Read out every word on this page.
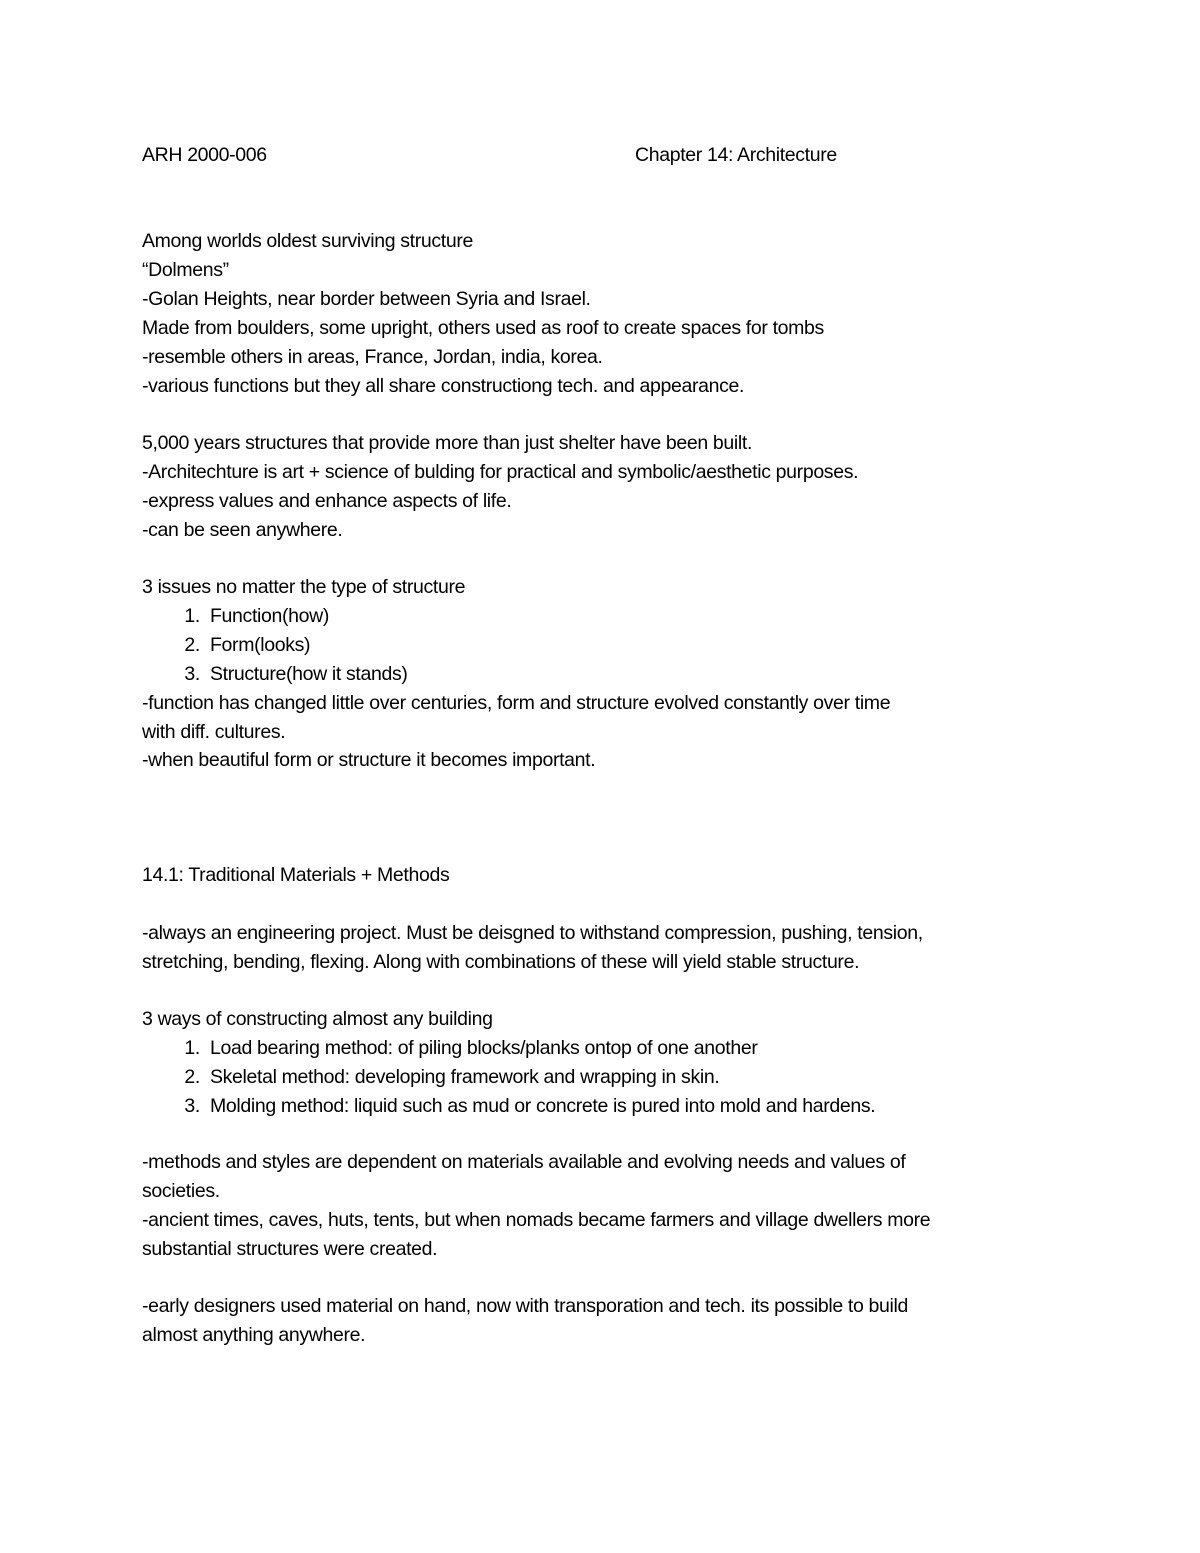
ARH 2000-006	Chapter 14: Architecture
Among worlds oldest surviving structure
“Dolmens”
-Golan Heights, near border between Syria and Israel.
Made from boulders, some upright, others used as roof to create spaces for tombs
-resemble others in areas, France, Jordan, india, korea.
-various functions but they all share constructiong tech. and appearance.
5,000 years structures that provide more than just shelter have been built.
-Architechture is art + science of bulding for practical and symbolic/aesthetic purposes.
-express values and enhance aspects of life.
-can be seen anywhere.
3 issues no matter the type of structure
1. Function(how)
2. Form(looks)
3. Structure(how it stands)
-function has changed little over centuries, form and structure evolved constantly over time
with diff. cultures.
-when beautiful form or structure it becomes important.
14.1: Traditional Materials + Methods
-always an engineering project. Must be deisgned to withstand compression, pushing, tension,
stretching, bending, flexing. Along with combinations of these will yield stable structure.
3 ways of constructing almost any building
1. Load bearing method: of piling blocks/planks ontop of one another
2. Skeletal method: developing framework and wrapping in skin.
3. Molding method: liquid such as mud or concrete is pured into mold and hardens.
-methods and styles are dependent on materials available and evolving needs and values of
societies.
-ancient times, caves, huts, tents, but when nomads became farmers and village dwellers more
substantial structures were created.
-early designers used material on hand, now with transporation and tech. its possible to build
almost anything anywhere.
